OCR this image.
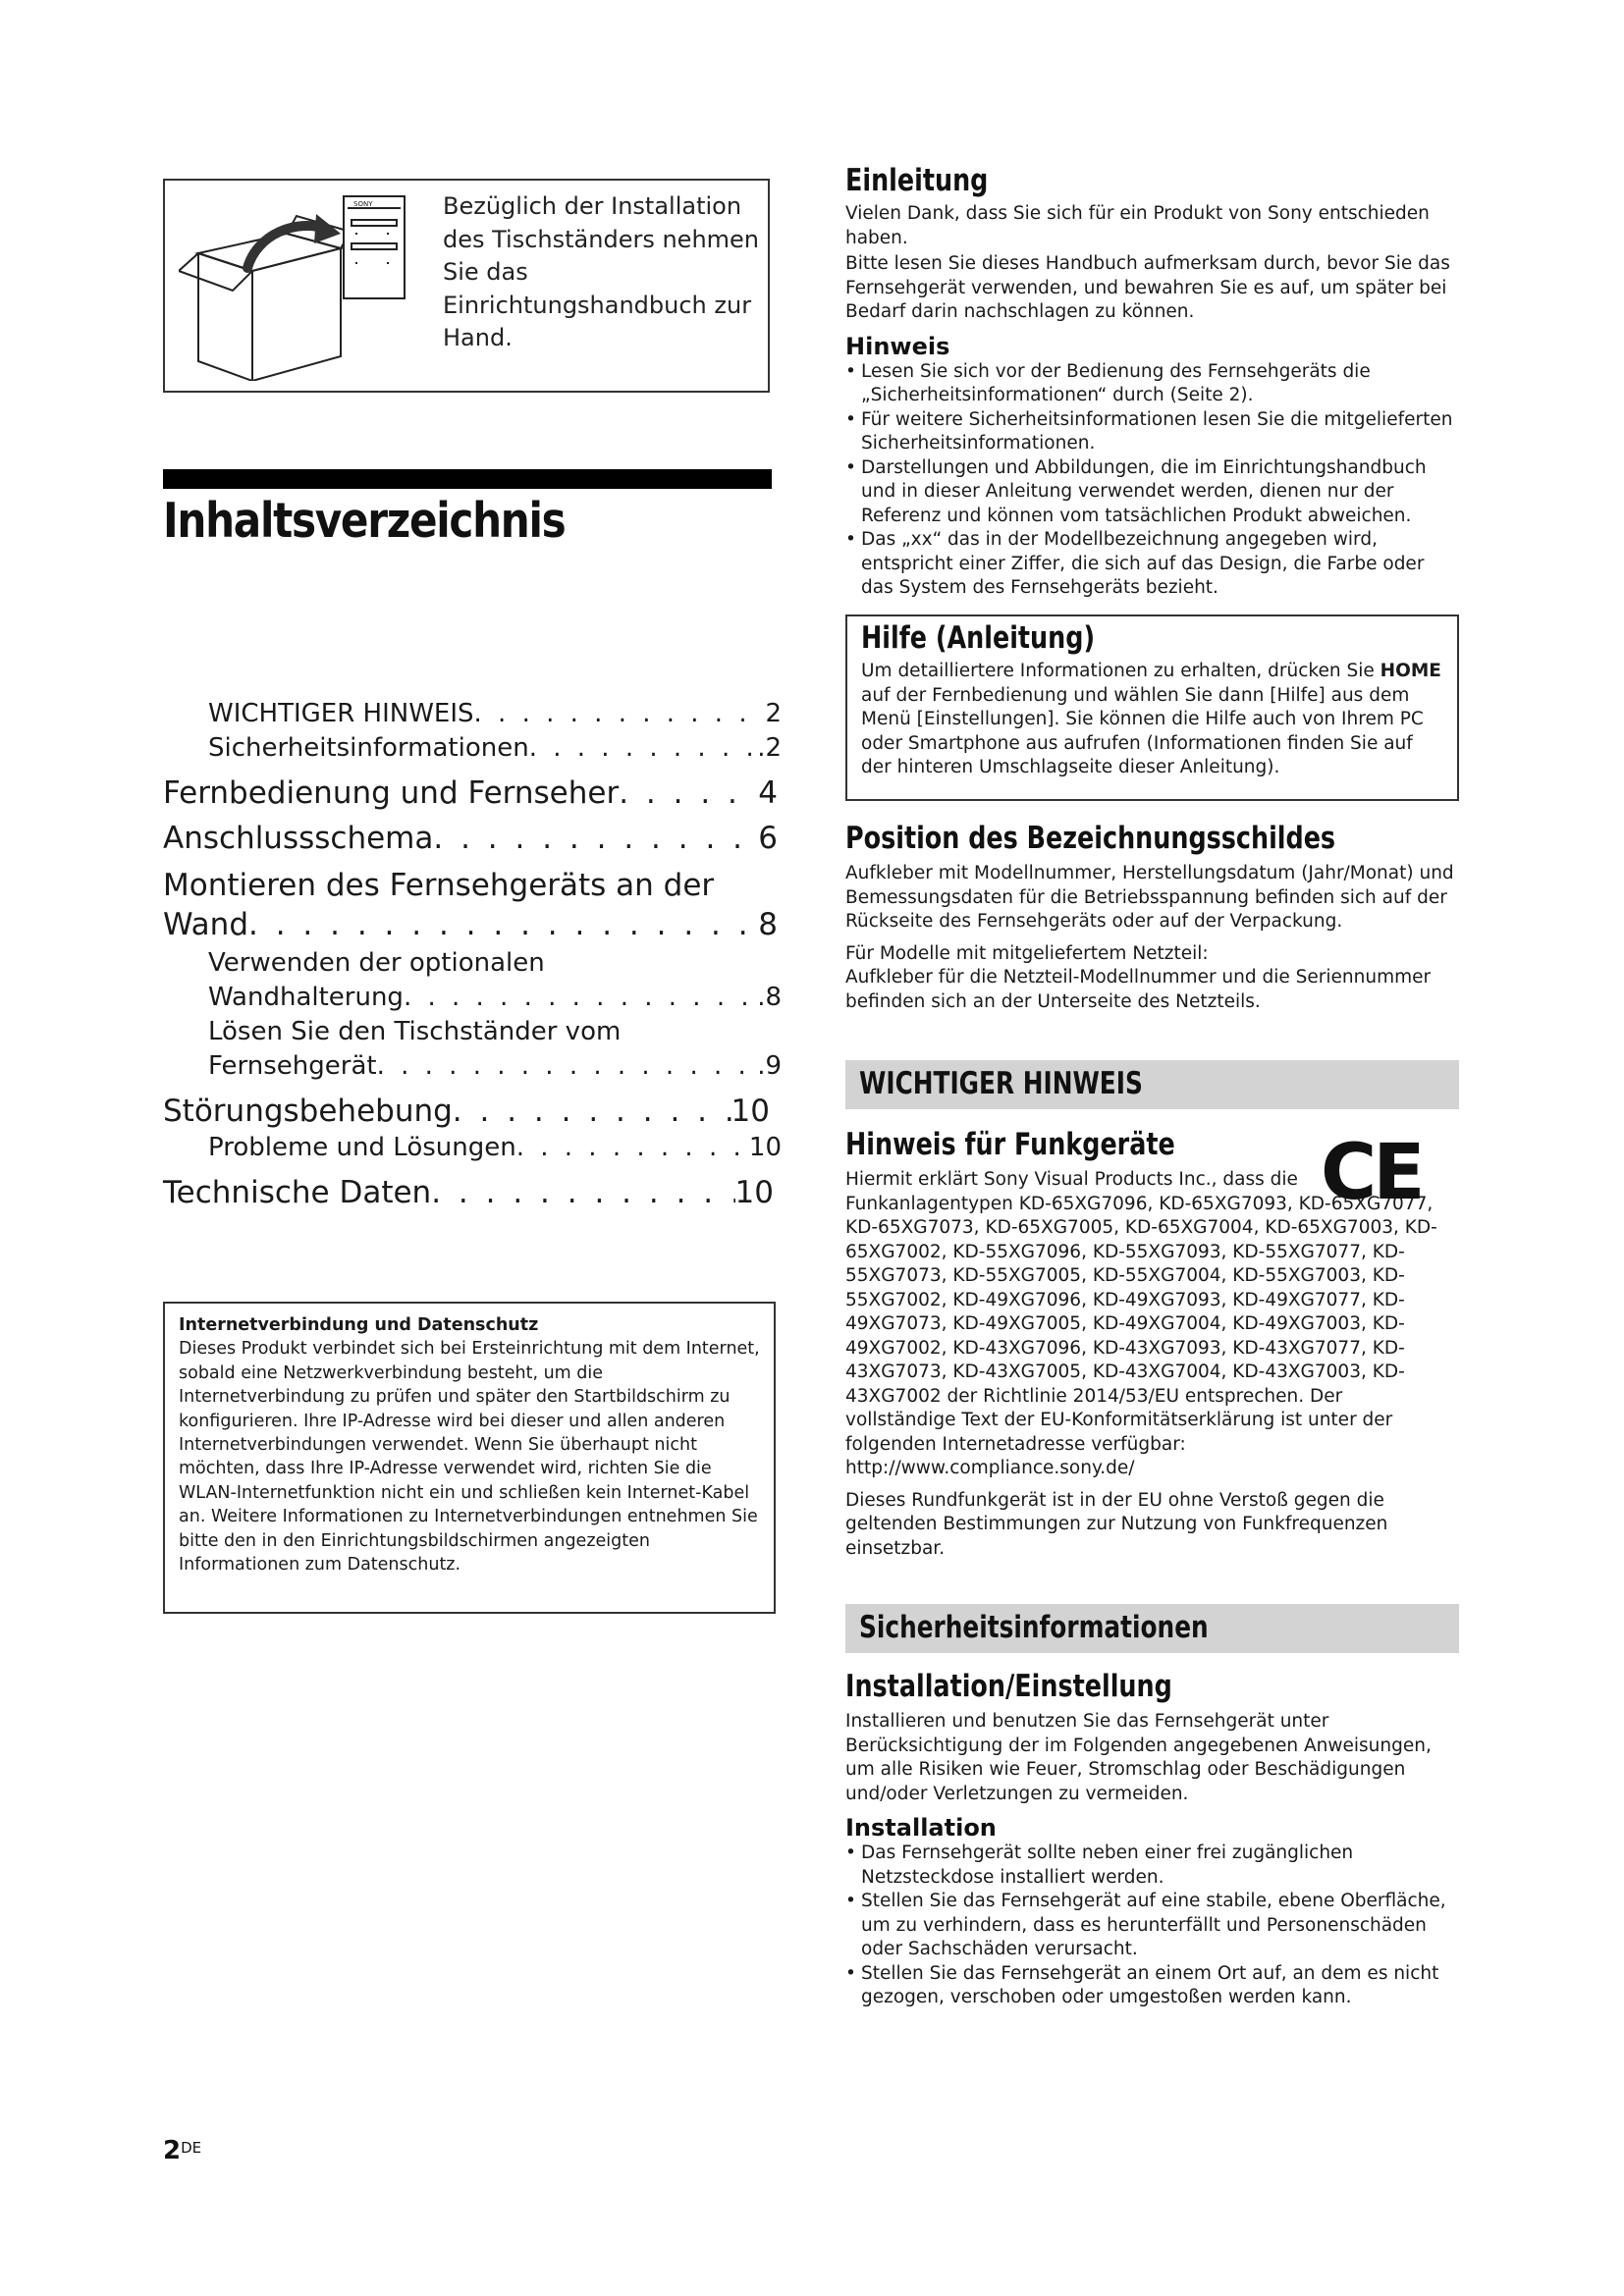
SONY	Bezüglich der Installation des Tischständers nehmen Sie das Einrichtungshandbuch zur Hand.
Inhaltsverzeichnis
WICHTIGER HINWEIS . . .	2
Sicherheitsinformationen . . .	.2
Fernbedienung und Fernseher . . .	4
Anschlussschema . . .	6
Montieren des Fernsehgeräts an der
Wand . . .	8
Verwenden der optionalen
Wandhalterung . . .	.8
Lösen Sie den Tischständer vom
Fernsehgerät . . .	.9
Störungsbehebung . . .	10
Probleme und Lösungen . . .	10
Technische Daten . . .	10
Internetverbindung und Datenschutz
Dieses Produkt verbindet sich bei Ersteinrichtung mit dem Internet, sobald eine Netzwerkverbindung besteht, um die Internetverbindung zu prüfen und später den Startbildschirm zu konfigurieren. Ihre IP-Adresse wird bei dieser und allen anderen Internetverbindungen verwendet. Wenn Sie überhaupt nicht möchten, dass Ihre IP-Adresse verwendet wird, richten Sie die WLAN-Internetfunktion nicht ein und schließen kein Internet-Kabel an. Weitere Informationen zu Internetverbindungen entnehmen Sie bitte den in den Einrichtungsbildschirmen angezeigten Informationen zum Datenschutz.
Einleitung

Vielen Dank, dass Sie sich für ein Produkt von Sony entschieden haben.

Bitte lesen Sie dieses Handbuch aufmerksam durch, bevor Sie das Fernsehgerät verwenden, und bewahren Sie es auf, um später bei Bedarf darin nachschlagen zu können.

Hinweis
• Lesen Sie sich vor der Bedienung des Fernsehgeräts die „Sicherheitsinformationen“ durch (Seite 2).
• Für weitere Sicherheitsinformationen lesen Sie die mitgelieferten Sicherheitsinformationen.
• Darstellungen und Abbildungen, die im Einrichtungshandbuch und in dieser Anleitung verwendet werden, dienen nur der Referenz und können vom tatsächlichen Produkt abweichen.
• Das „xx“ das in der Modellbezeichnung angegeben wird, entspricht einer Ziffer, die sich auf das Design, die Farbe oder das System des Fernsehgeräts bezieht.
Hilfe (Anleitung)

Um detailliertere Informationen zu erhalten, drücken Sie HOME auf der Fernbedienung und wählen Sie dann [Hilfe] aus dem Menü [Einstellungen]. Sie können die Hilfe auch von Ihrem PC oder Smartphone aus aufrufen (Informationen finden Sie auf der hinteren Umschlagseite dieser Anleitung).

Position des Bezeichnungsschildes

Aufkleber mit Modellnummer, Herstellungsdatum (Jahr/Monat) und Bemessungsdaten für die Betriebsspannung befinden sich auf der Rückseite des Fernsehgeräts oder auf der Verpackung.

Für Modelle mit mitgeliefertem Netzteil:

Aufkleber für die Netzteil-Modellnummer und die Seriennummer befinden sich an der Unterseite des Netzteils.

WICHTIGER HINWEIS
Hinweis für Funkgeräte

Hiermit erklärt Sony Visual Products Inc., dass die Funkanlagentypen KD-65XG7096, KD-65XG7093, KD-65XG7077, KD-65XG7073, KD-65XG7005, KD-65XG7004, KD-65XG7003, KD-65XG7002, KD-55XG7096, KD-55XG7093, KD-55XG7077, KD-55XG7073, KD-55XG7005, KD-55XG7004, KD-55XG7003, KD-55XG7002, KD-49XG7096, KD-49XG7093, KD-49XG7077, KD-49XG7073, KD-49XG7005, KD-49XG7004, KD-49XG7003, KD-49XG7002, KD-43XG7096, KD-43XG7093, KD-43XG7077, KD-43XG7073, KD-43XG7005, KD-43XG7004, KD-43XG7003, KD-43XG7002 der Richtlinie 2014/53/EU entsprechen. Der vollständige Text der EU-Konformitätserklärung ist unter der folgenden Internetadresse verfügbar: http://www.compliance.sony.de/

Dieses Rundfunkgerät ist in der EU ohne Verstoß gegen die geltenden Bestimmungen zur Nutzung von Funkfrequenzen einsetzbar.

CE
Sicherheitsinformationen
Installation/Einstellung

Installieren und benutzen Sie das Fernsehgerät unter Berücksichtigung der im Folgenden angegebenen Anweisungen, um alle Risiken wie Feuer, Stromschlag oder Beschädigungen und/oder Verletzungen zu vermeiden.

Installation
• Das Fernsehgerät sollte neben einer frei zugänglichen Netzsteckdose installiert werden.
• Stellen Sie das Fernsehgerät auf eine stabile, ebene Oberfläche, um zu verhindern, dass es herunterfällt und Personenschäden oder Sachschäden verursacht.
• Stellen Sie das Fernsehgerät an einem Ort auf, an dem es nicht gezogen, verschoben oder umgestoßen werden kann.
2DE
